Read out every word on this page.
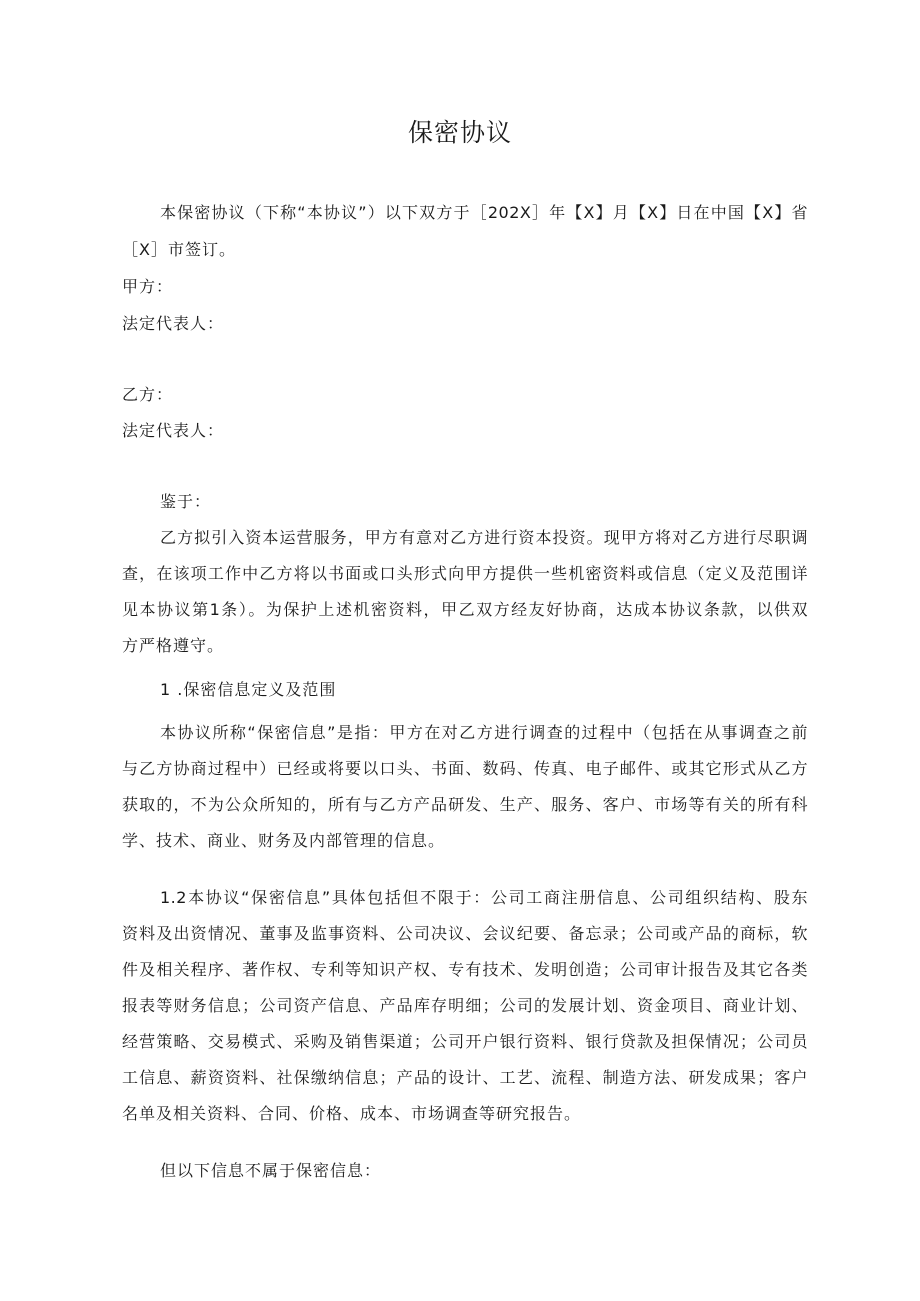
保密协议
本保密协议（下称“本协议”）以下双方于［202X］年【X】月【X】日在中国【X】省
［X］市签订。
甲方：
法定代表人：
乙方：
法定代表人：
鉴于：
乙方拟引入资本运营服务，甲方有意对乙方进行资本投资。现甲方将对乙方进行尽职调
查，在该项工作中乙方将以书面或口头形式向甲方提供一些机密资料或信息（定义及范围详
见本协议第1条）。为保护上述机密资料，甲乙双方经友好协商，达成本协议条款，以供双
方严格遵守。
1 .保密信息定义及范围
本协议所称“保密信息”是指：甲方在对乙方进行调查的过程中（包括在从事调查之前
与乙方协商过程中）已经或将要以口头、书面、数码、传真、电子邮件、或其它形式从乙方
获取的，不为公众所知的，所有与乙方产品研发、生产、服务、客户、市场等有关的所有科
学、技术、商业、财务及内部管理的信息。
1.2本协议“保密信息”具体包括但不限于：公司工商注册信息、公司组织结构、股东
资料及出资情况、董事及监事资料、公司决议、会议纪要、备忘录；公司或产品的商标，软
件及相关程序、著作权、专利等知识产权、专有技术、发明创造；公司审计报告及其它各类
报表等财务信息；公司资产信息、产品库存明细；公司的发展计划、资金项目、商业计划、
经营策略、交易模式、采购及销售渠道；公司开户银行资料、银行贷款及担保情况；公司员
工信息、薪资资料、社保缴纳信息；产品的设计、工艺、流程、制造方法、研发成果；客户
名单及相关资料、合同、价格、成本、市场调查等研究报告。
但以下信息不属于保密信息：
